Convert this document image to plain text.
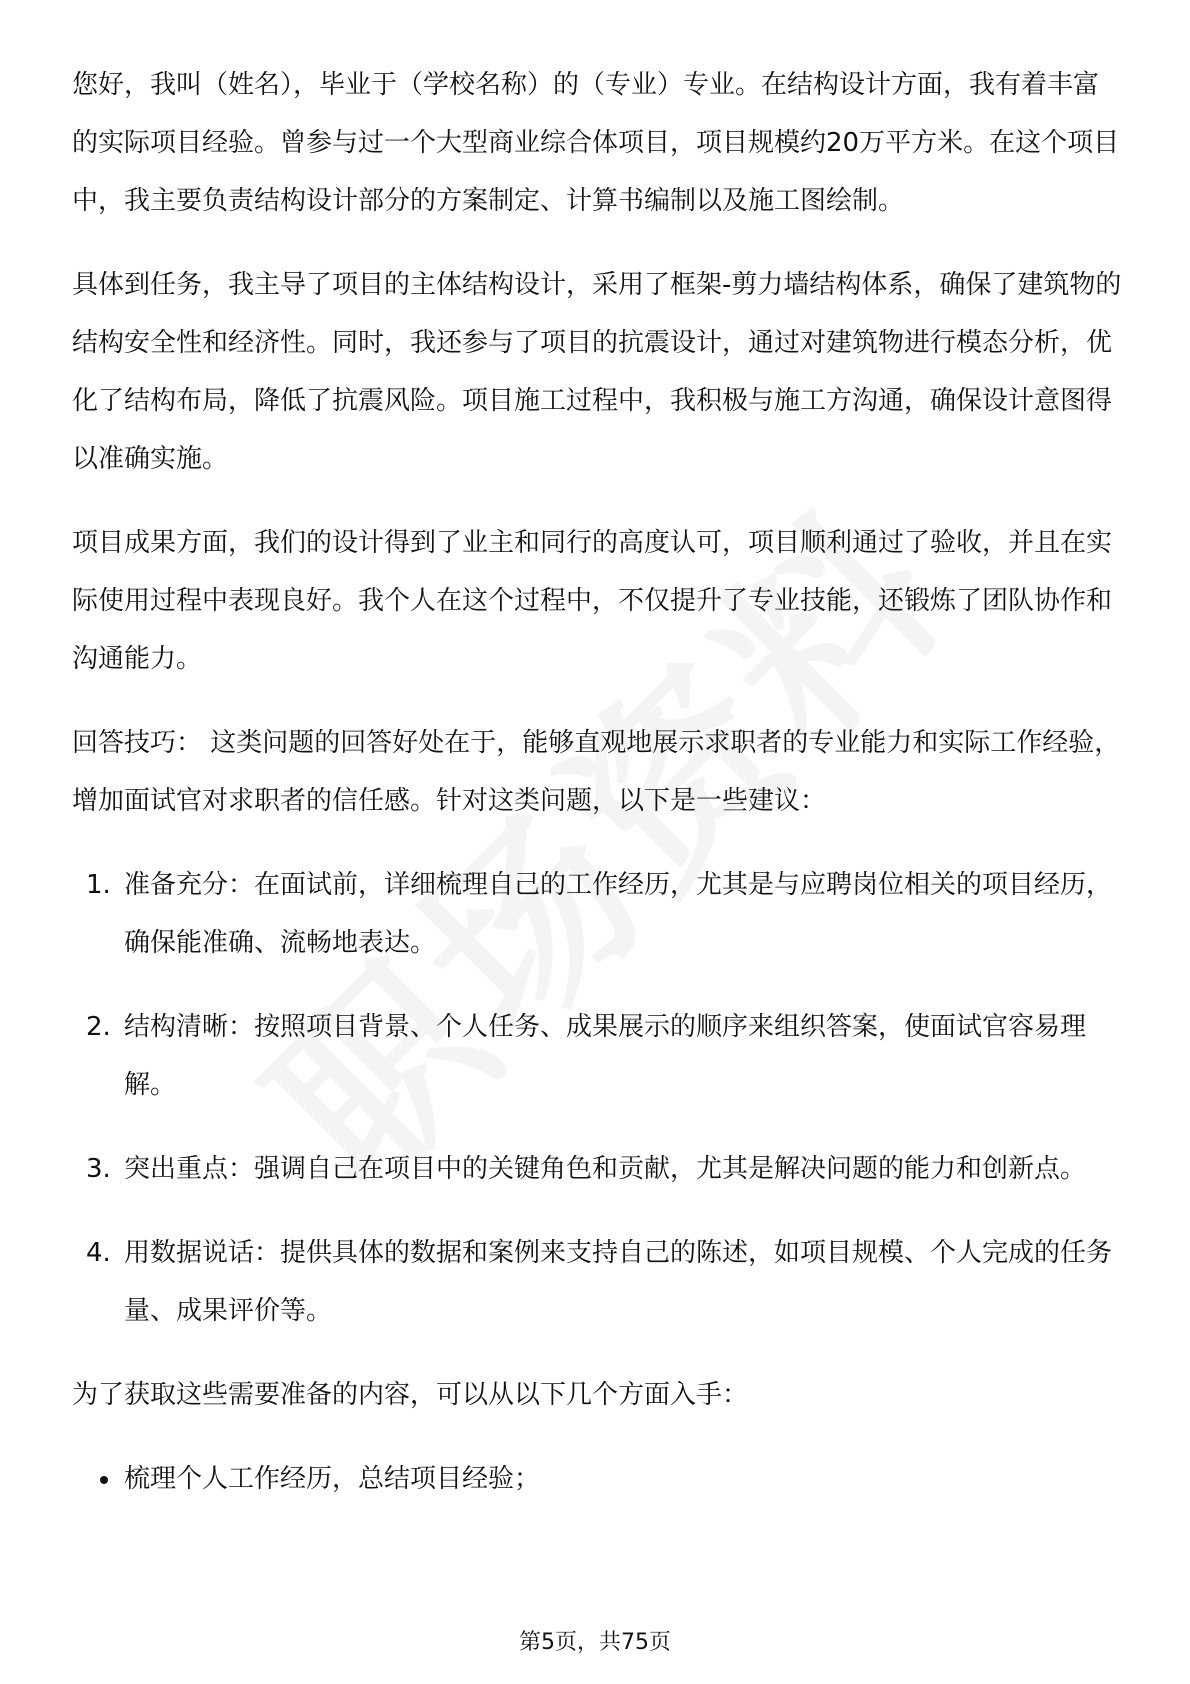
您好，我叫（姓名），毕业于（学校名称）的（专业）专业。在结构设计方面，我有着丰富的实际项目经验。曾参与过一个大型商业综合体项目，项目规模约20万平方米。在这个项目中，我主要负责结构设计部分的方案制定、计算书编制以及施工图绘制。

具体到任务，我主导了项目的主体结构设计，采用了框架-剪力墙结构体系，确保了建筑物的结构安全性和经济性。同时，我还参与了项目的抗震设计，通过对建筑物进行模态分析，优化了结构布局，降低了抗震风险。项目施工过程中，我积极与施工方沟通，确保设计意图得以准确实施。

项目成果方面，我们的设计得到了业主和同行的高度认可，项目顺利通过了验收，并且在实际使用过程中表现良好。我个人在这个过程中，不仅提升了专业技能，还锻炼了团队协作和沟通能力。

回答技巧： 这类问题的回答好处在于，能够直观地展示求职者的专业能力和实际工作经验，增加面试官对求职者的信任感。针对这类问题，以下是一些建议：

1. 准备充分：在面试前，详细梳理自己的工作经历，尤其是与应聘岗位相关的项目经历，确保能准确、流畅地表达。
2. 结构清晰：按照项目背景、个人任务、成果展示的顺序来组织答案，使面试官容易理解。
3. 突出重点：强调自己在项目中的关键角色和贡献，尤其是解决问题的能力和创新点。
4. 用数据说话：提供具体的数据和案例来支持自己的陈述，如项目规模、个人完成的任务量、成果评价等。

为了获取这些需要准备的内容，可以从以下几个方面入手：

梳理个人工作经历，总结项目经验；
第5页，共75页
